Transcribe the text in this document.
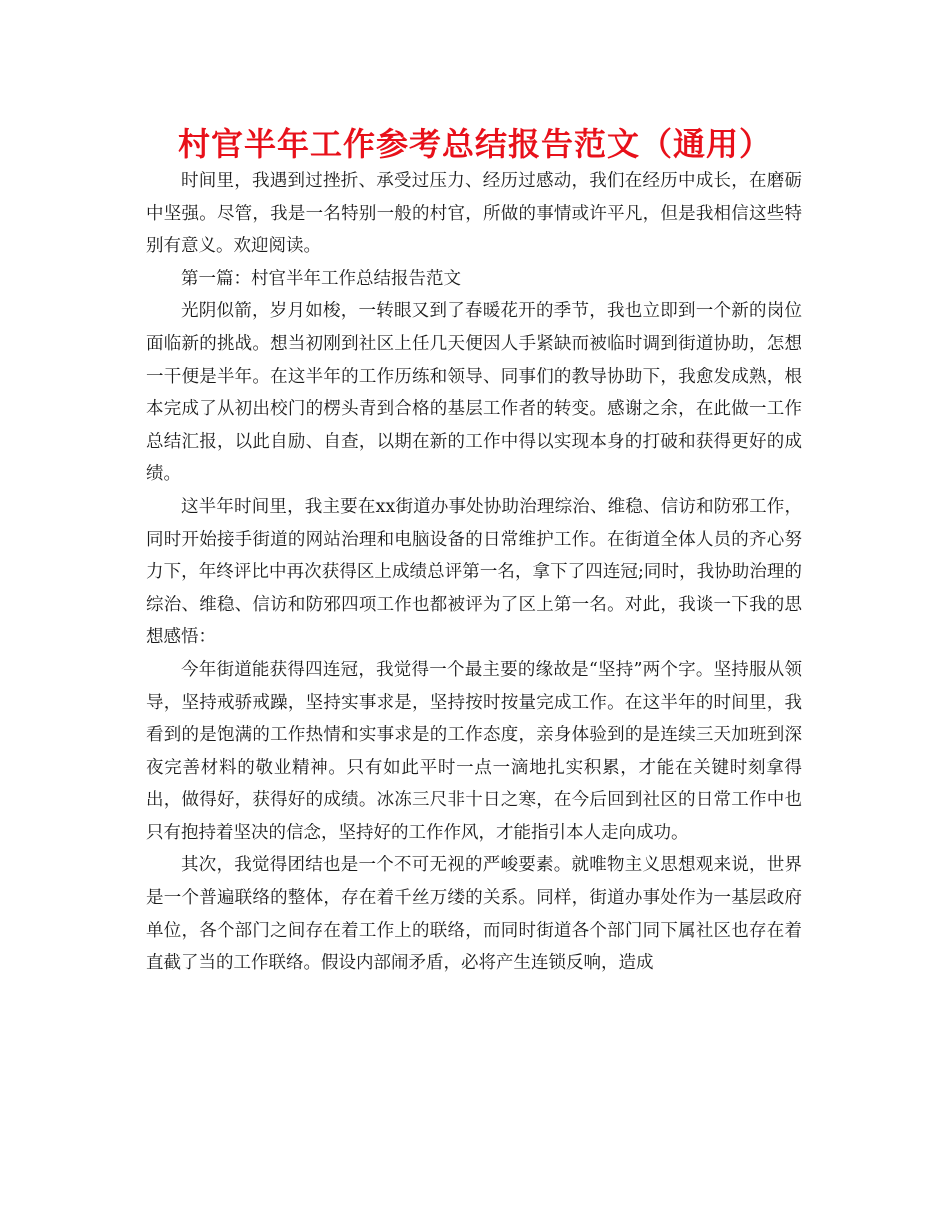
村官半年工作参考总结报告范文（通用）

时间里，我遇到过挫折、承受过压力、经历过感动，我们在经历中成长，在磨砺中坚强。尽管，我是一名特别一般的村官，所做的事情或许平凡，但是我相信这些特别有意义。欢迎阅读。

第一篇：村官半年工作总结报告范文

光阴似箭，岁月如梭，一转眼又到了春暖花开的季节，我也立即到一个新的岗位面临新的挑战。想当初刚到社区上任几天便因人手紧缺而被临时调到街道协助，怎想一干便是半年。在这半年的工作历练和领导、同事们的教导协助下，我愈发成熟，根本完成了从初出校门的楞头青到合格的基层工作者的转变。感谢之余，在此做一工作总结汇报，以此自励、自查，以期在新的工作中得以实现本身的打破和获得更好的成绩。

这半年时间里，我主要在xx街道办事处协助治理综治、维稳、信访和防邪工作，同时开始接手街道的网站治理和电脑设备的日常维护工作。在街道全体人员的齐心努力下，年终评比中再次获得区上成绩总评第一名，拿下了四连冠;同时，我协助治理的综治、维稳、信访和防邪四项工作也都被评为了区上第一名。对此，我谈一下我的思想感悟：

今年街道能获得四连冠，我觉得一个最主要的缘故是“坚持”两个字。坚持服从领导，坚持戒骄戒躁，坚持实事求是，坚持按时按量完成工作。在这半年的时间里，我看到的是饱满的工作热情和实事求是的工作态度，亲身体验到的是连续三天加班到深夜完善材料的敬业精神。只有如此平时一点一滴地扎实积累，才能在关键时刻拿得出，做得好，获得好的成绩。冰冻三尺非十日之寒，在今后回到社区的日常工作中也只有抱持着坚决的信念，坚持好的工作作风，才能指引本人走向成功。

其次，我觉得团结也是一个不可无视的严峻要素。就唯物主义思想观来说，世界是一个普遍联络的整体，存在着千丝万缕的关系。同样，街道办事处作为一基层政府单位，各个部门之间存在着工作上的联络，而同时街道各个部门同下属社区也存在着直截了当的工作联络。假设内部闹矛盾，必将产生连锁反响，造成
